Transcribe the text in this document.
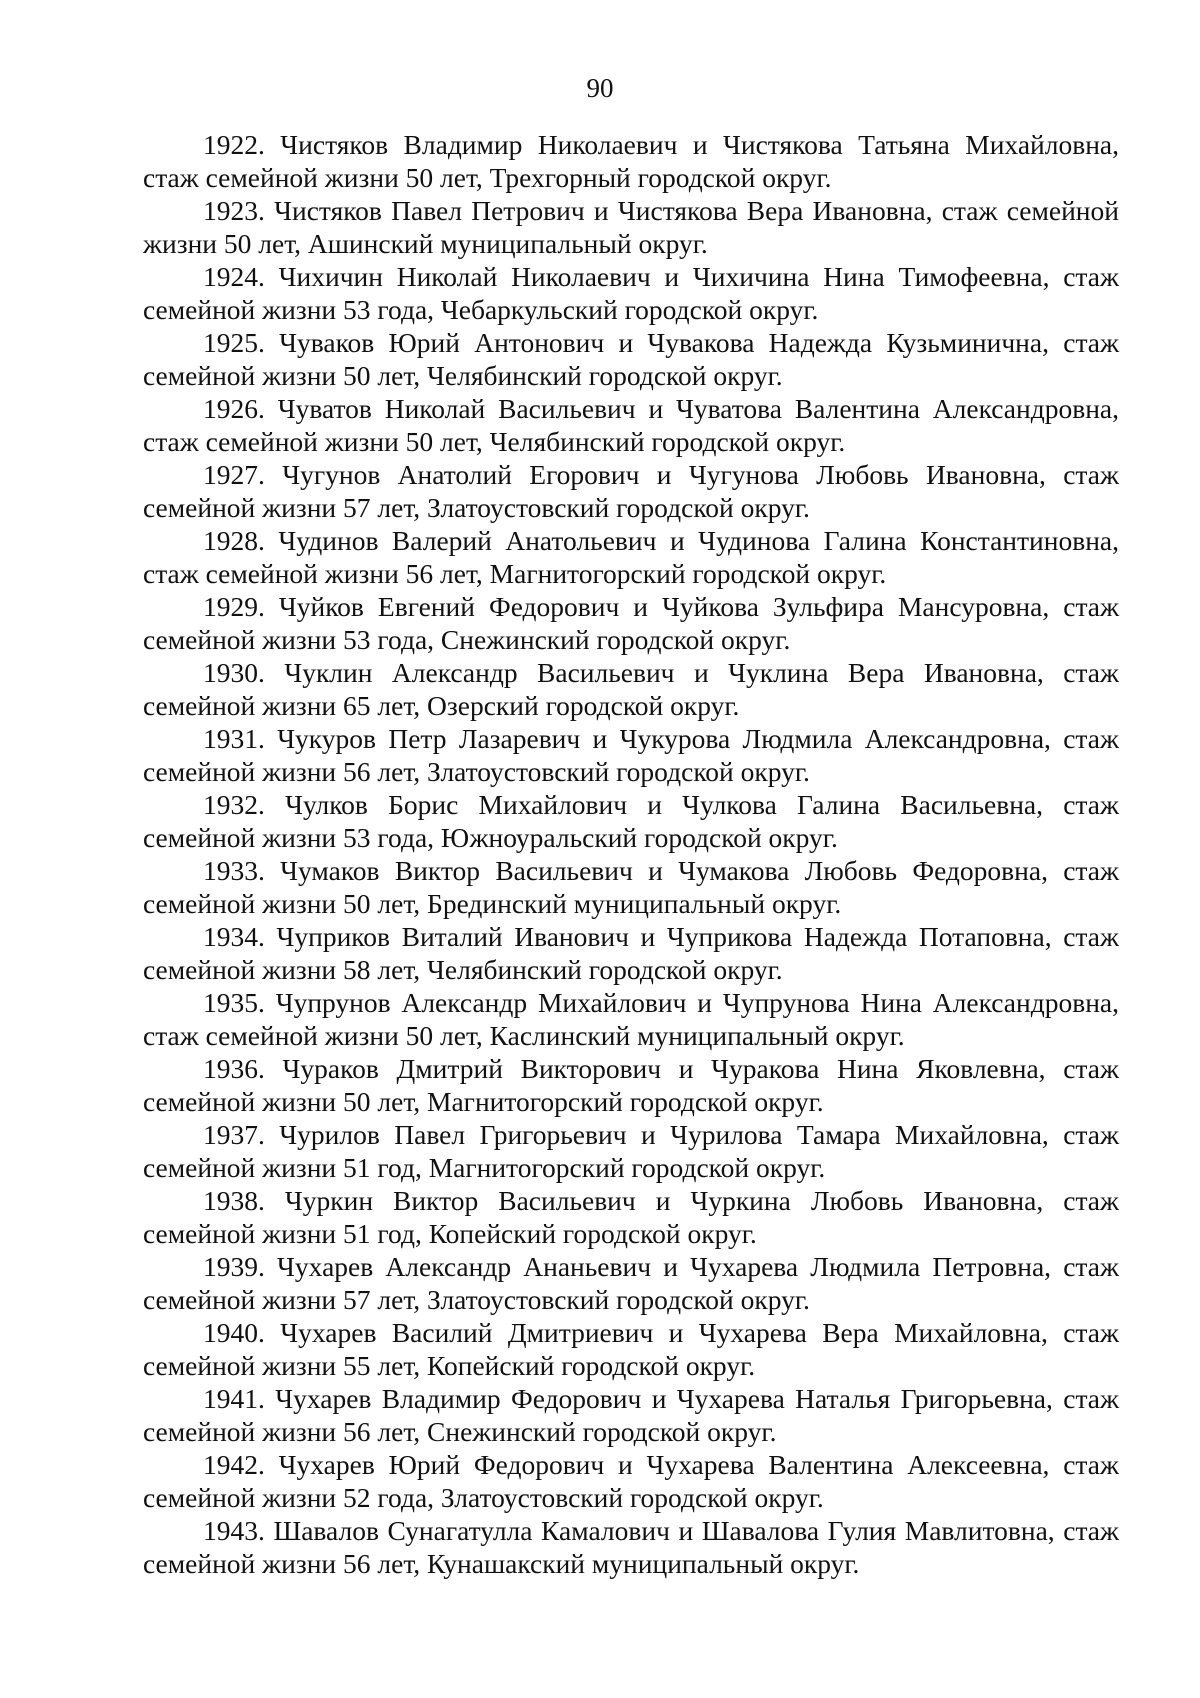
90

1922. Чистяков Владимир Николаевич и Чистякова Татьяна Михайловна, стаж семейной жизни 50 лет, Трехгорный городской округ.

1923. Чистяков Павел Петрович и Чистякова Вера Ивановна, стаж семейной жизни 50 лет, Ашинский муниципальный округ.

1924. Чихичин Николай Николаевич и Чихичина Нина Тимофеевна, стаж семейной жизни 53 года, Чебаркульский городской округ.

1925. Чуваков Юрий Антонович и Чувакова Надежда Кузьминична, стаж семейной жизни 50 лет, Челябинский городской округ.

1926. Чуватов Николай Васильевич и Чуватова Валентина Александровна, стаж семейной жизни 50 лет, Челябинский городской округ.

1927. Чугунов Анатолий Егорович и Чугунова Любовь Ивановна, стаж семейной жизни 57 лет, Златоустовский городской округ.

1928. Чудинов Валерий Анатольевич и Чудинова Галина Константиновна, стаж семейной жизни 56 лет, Магнитогорский городской округ.

1929. Чуйков Евгений Федорович и Чуйкова Зульфира Мансуровна, стаж семейной жизни 53 года, Снежинский городской округ.

1930. Чуклин Александр Васильевич и Чуклина Вера Ивановна, стаж семейной жизни 65 лет, Озерский городской округ.

1931. Чукуров Петр Лазаревич и Чукурова Людмила Александровна, стаж семейной жизни 56 лет, Златоустовский городской округ.

1932. Чулков Борис Михайлович и Чулкова Галина Васильевна, стаж семейной жизни 53 года, Южноуральский городской округ.

1933. Чумаков Виктор Васильевич и Чумакова Любовь Федоровна, стаж семейной жизни 50 лет, Брединский муниципальный округ.

1934. Чуприков Виталий Иванович и Чуприкова Надежда Потаповна, стаж семейной жизни 58 лет, Челябинский городской округ.

1935. Чупрунов Александр Михайлович и Чупрунова Нина Александровна, стаж семейной жизни 50 лет, Каслинский муниципальный округ.

1936. Чураков Дмитрий Викторович и Чуракова Нина Яковлевна, стаж семейной жизни 50 лет, Магнитогорский городской округ.

1937. Чурилов Павел Григорьевич и Чурилова Тамара Михайловна, стаж семейной жизни 51 год, Магнитогорский городской округ.

1938. Чуркин Виктор Васильевич и Чуркина Любовь Ивановна, стаж семейной жизни 51 год, Копейский городской округ.

1939. Чухарев Александр Ананьевич и Чухарева Людмила Петровна, стаж семейной жизни 57 лет, Златоустовский городской округ.

1940. Чухарев Василий Дмитриевич и Чухарева Вера Михайловна, стаж семейной жизни 55 лет, Копейский городской округ.

1941. Чухарев Владимир Федорович и Чухарева Наталья Григорьевна, стаж семейной жизни 56 лет, Снежинский городской округ.

1942. Чухарев Юрий Федорович и Чухарева Валентина Алексеевна, стаж семейной жизни 52 года, Златоустовский городской округ.

1943. Шавалов Сунагатулла Камалович и Шавалова Гулия Мавлитовна, стаж семейной жизни 56 лет, Кунашакский муниципальный округ.
